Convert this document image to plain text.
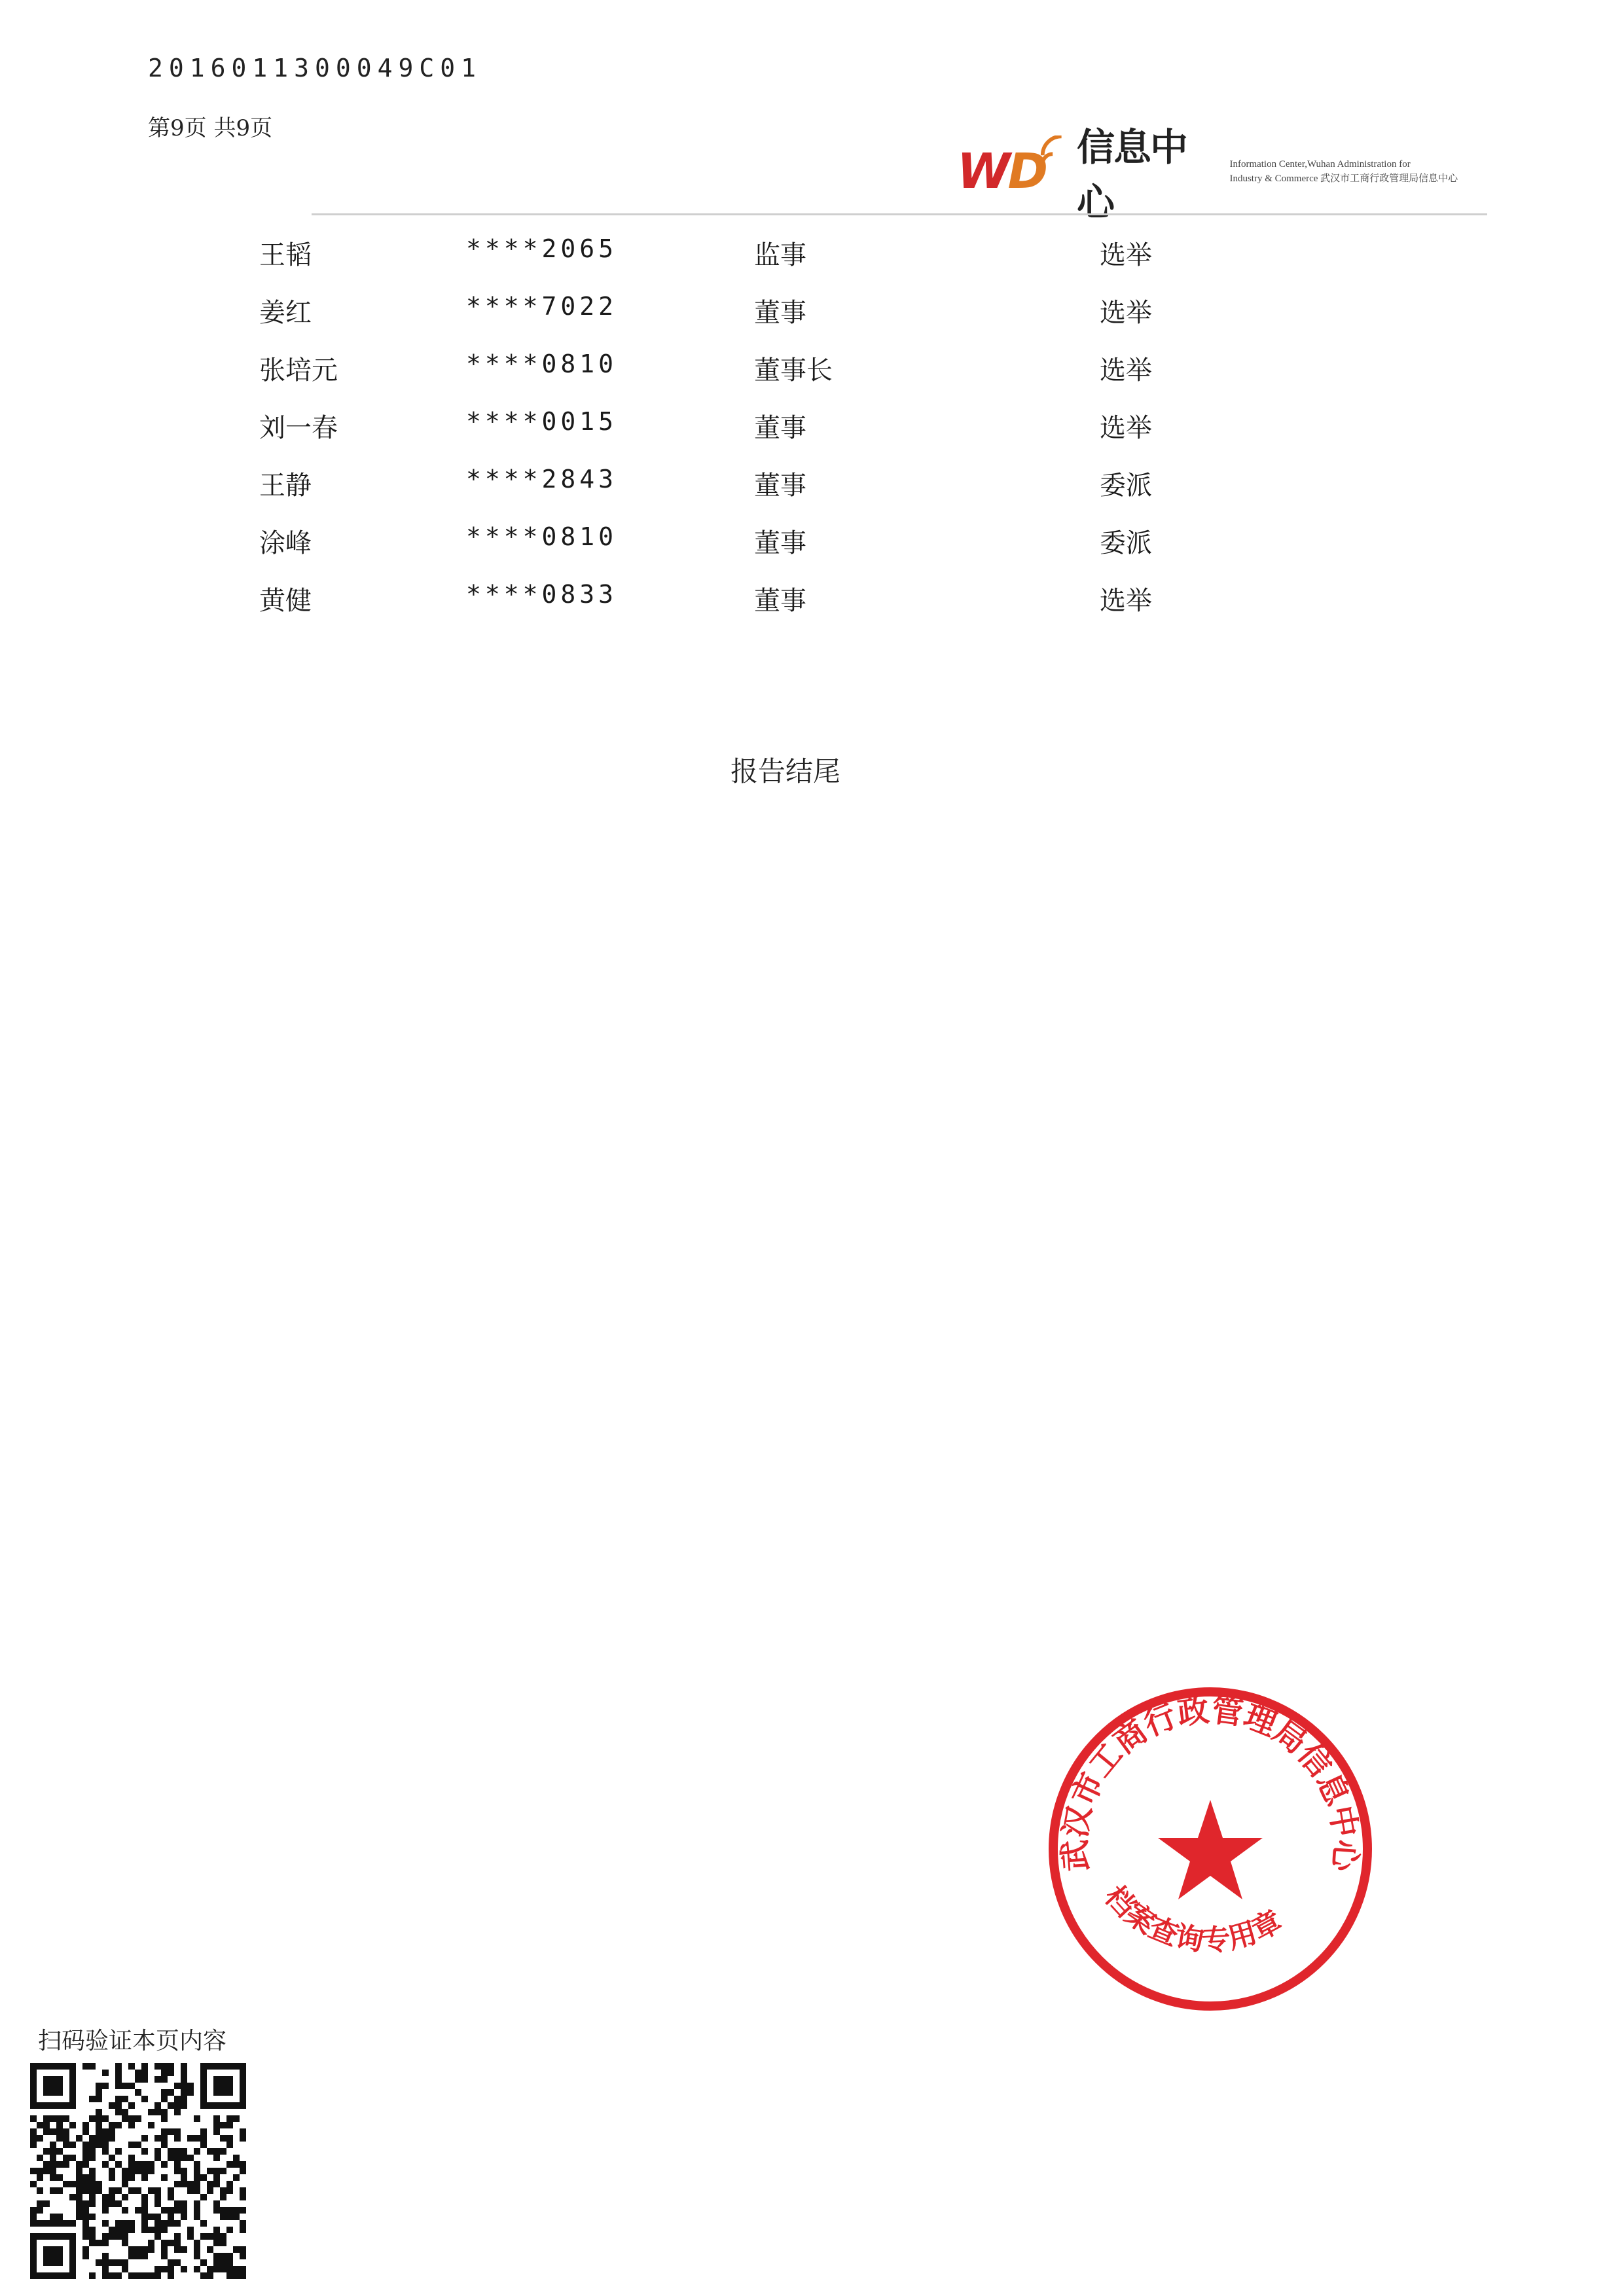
2016011300049C01
第9页 共9页
WD 信息中心
Information Center,Wuhan Administration for
Industry & Commerce 武汉市工商行政管理局信息中心
王韬	****2065	监事	选举
姜红	****7022	董事	选举
张培元	****0810	董事长	选举
刘一春	****0015	董事	选举
王静	****2843	董事	委派
涂峰	****0810	董事	委派
黄健	****0833	董事	选举
报告结尾
武汉市工商行政管理局信息中心
档案查询专用章
扫码验证本页内容
